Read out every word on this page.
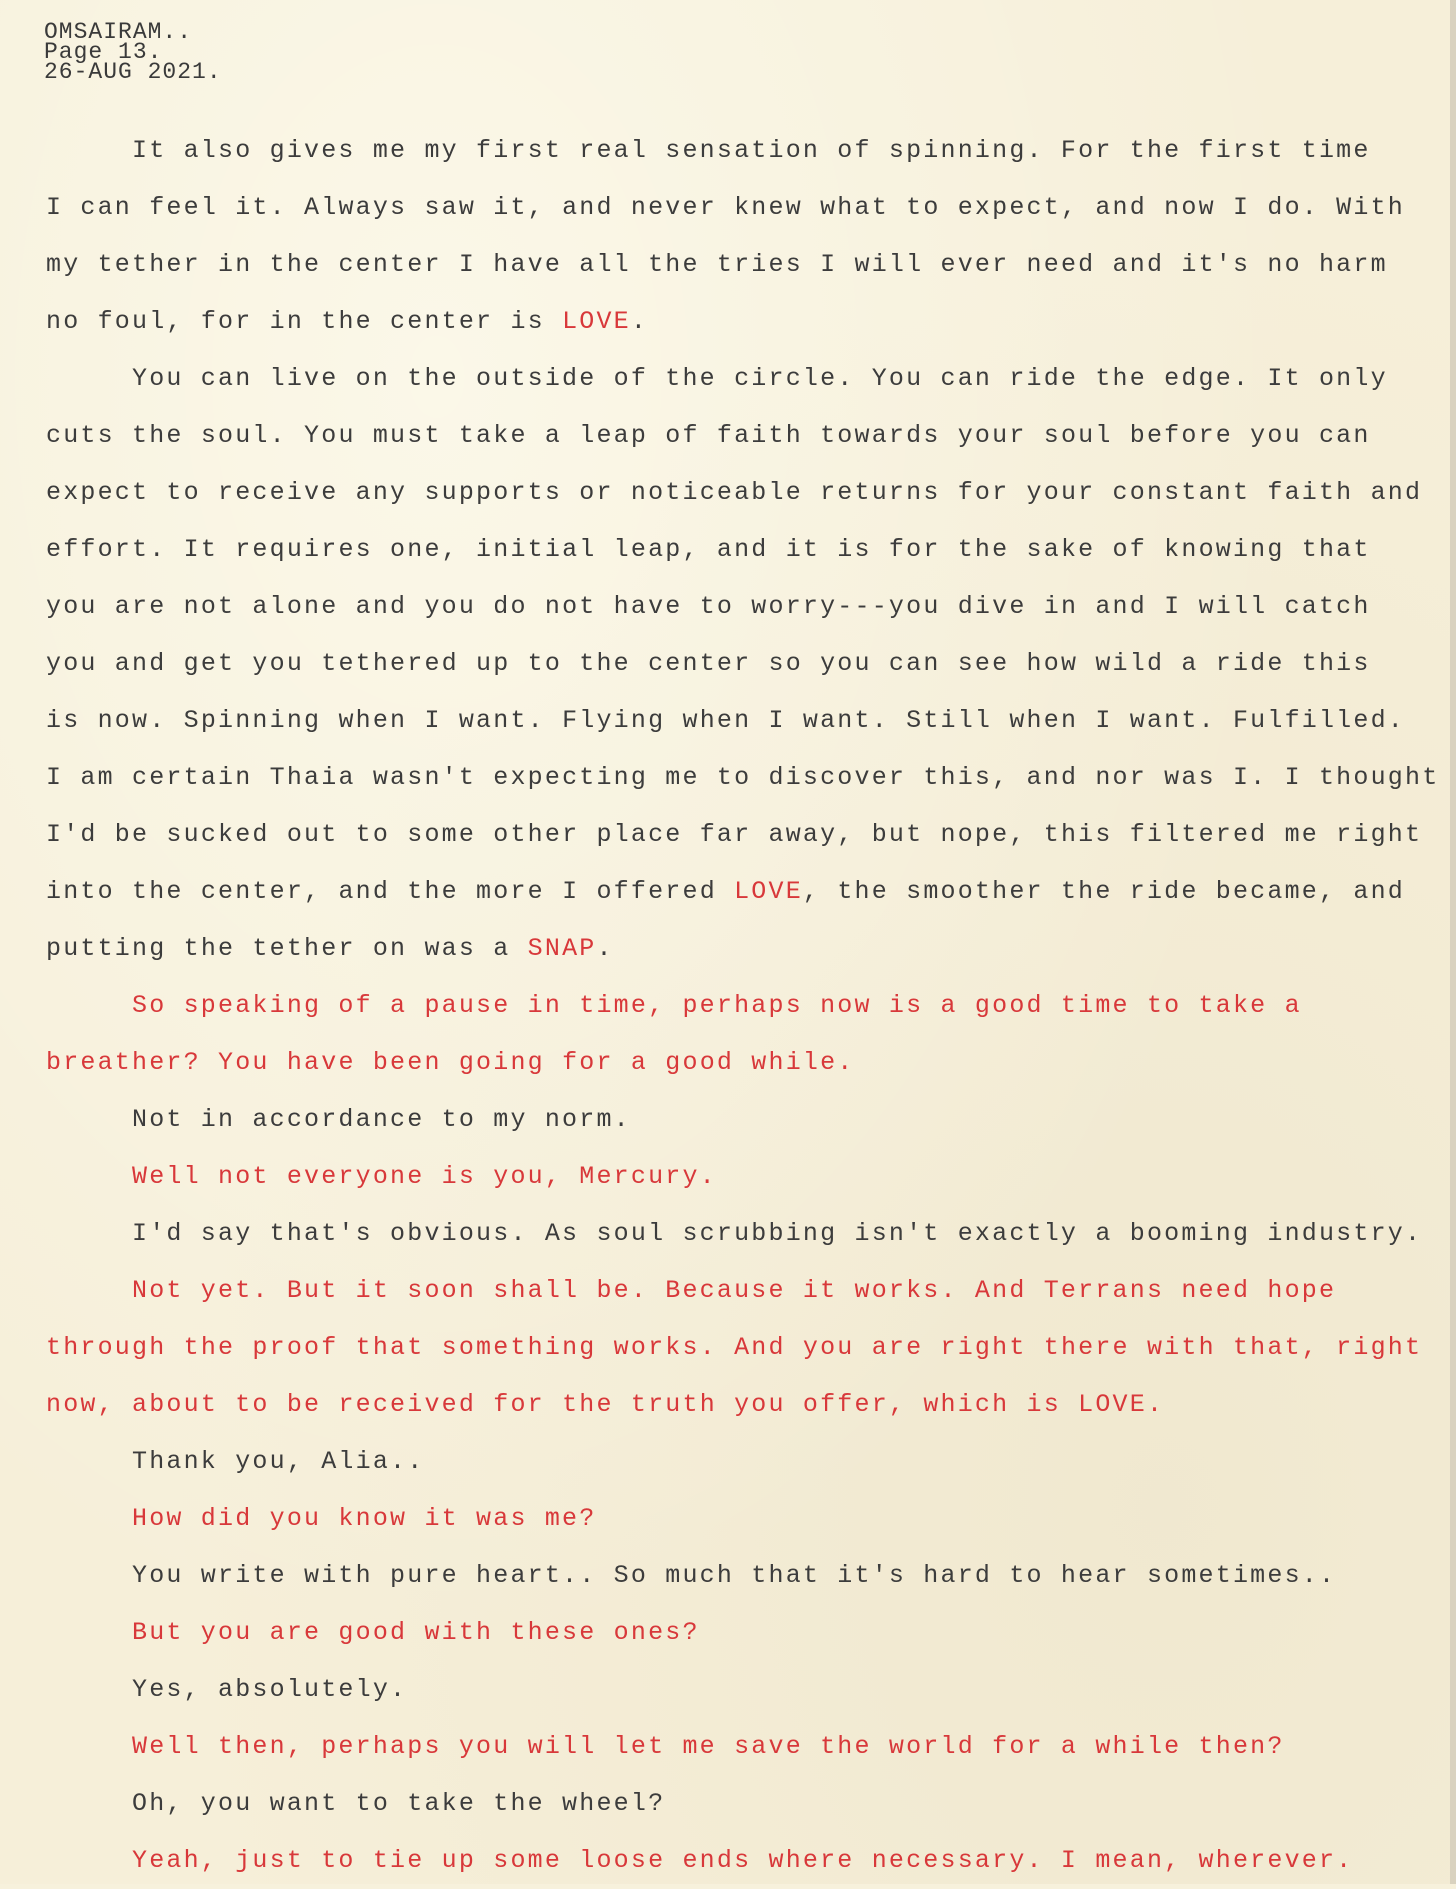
OMSAIRAM..
Page 13.
26-AUG 2021.
It also gives me my first real sensation of spinning. For the first time
I can feel it. Always saw it, and never knew what to expect, and now I do. With
my tether in the center I have all the tries I will ever need and it's no harm
no foul, for in the center is LOVE.
You can live on the outside of the circle. You can ride the edge. It only
cuts the soul. You must take a leap of faith towards your soul before you can
expect to receive any supports or noticeable returns for your constant faith and
effort. It requires one, initial leap, and it is for the sake of knowing that
you are not alone and you do not have to worry---you dive in and I will catch
you and get you tethered up to the center so you can see how wild a ride this
is now. Spinning when I want. Flying when I want. Still when I want. Fulfilled.
I am certain Thaia wasn't expecting me to discover this, and nor was I. I thought
I'd be sucked out to some other place far away, but nope, this filtered me right
into the center, and the more I offered LOVE, the smoother the ride became, and
putting the tether on was a SNAP.
So speaking of a pause in time, perhaps now is a good time to take a
breather? You have been going for a good while.
Not in accordance to my norm.
Well not everyone is you, Mercury.
I'd say that's obvious. As soul scrubbing isn't exactly a booming industry.
Not yet. But it soon shall be. Because it works. And Terrans need hope
through the proof that something works. And you are right there with that, right
now, about to be received for the truth you offer, which is LOVE.
Thank you, Alia..
How did you know it was me?
You write with pure heart.. So much that it's hard to hear sometimes..
But you are good with these ones?
Yes, absolutely.
Well then, perhaps you will let me save the world for a while then?
Oh, you want to take the wheel?
Yeah, just to tie up some loose ends where necessary. I mean, wherever.
